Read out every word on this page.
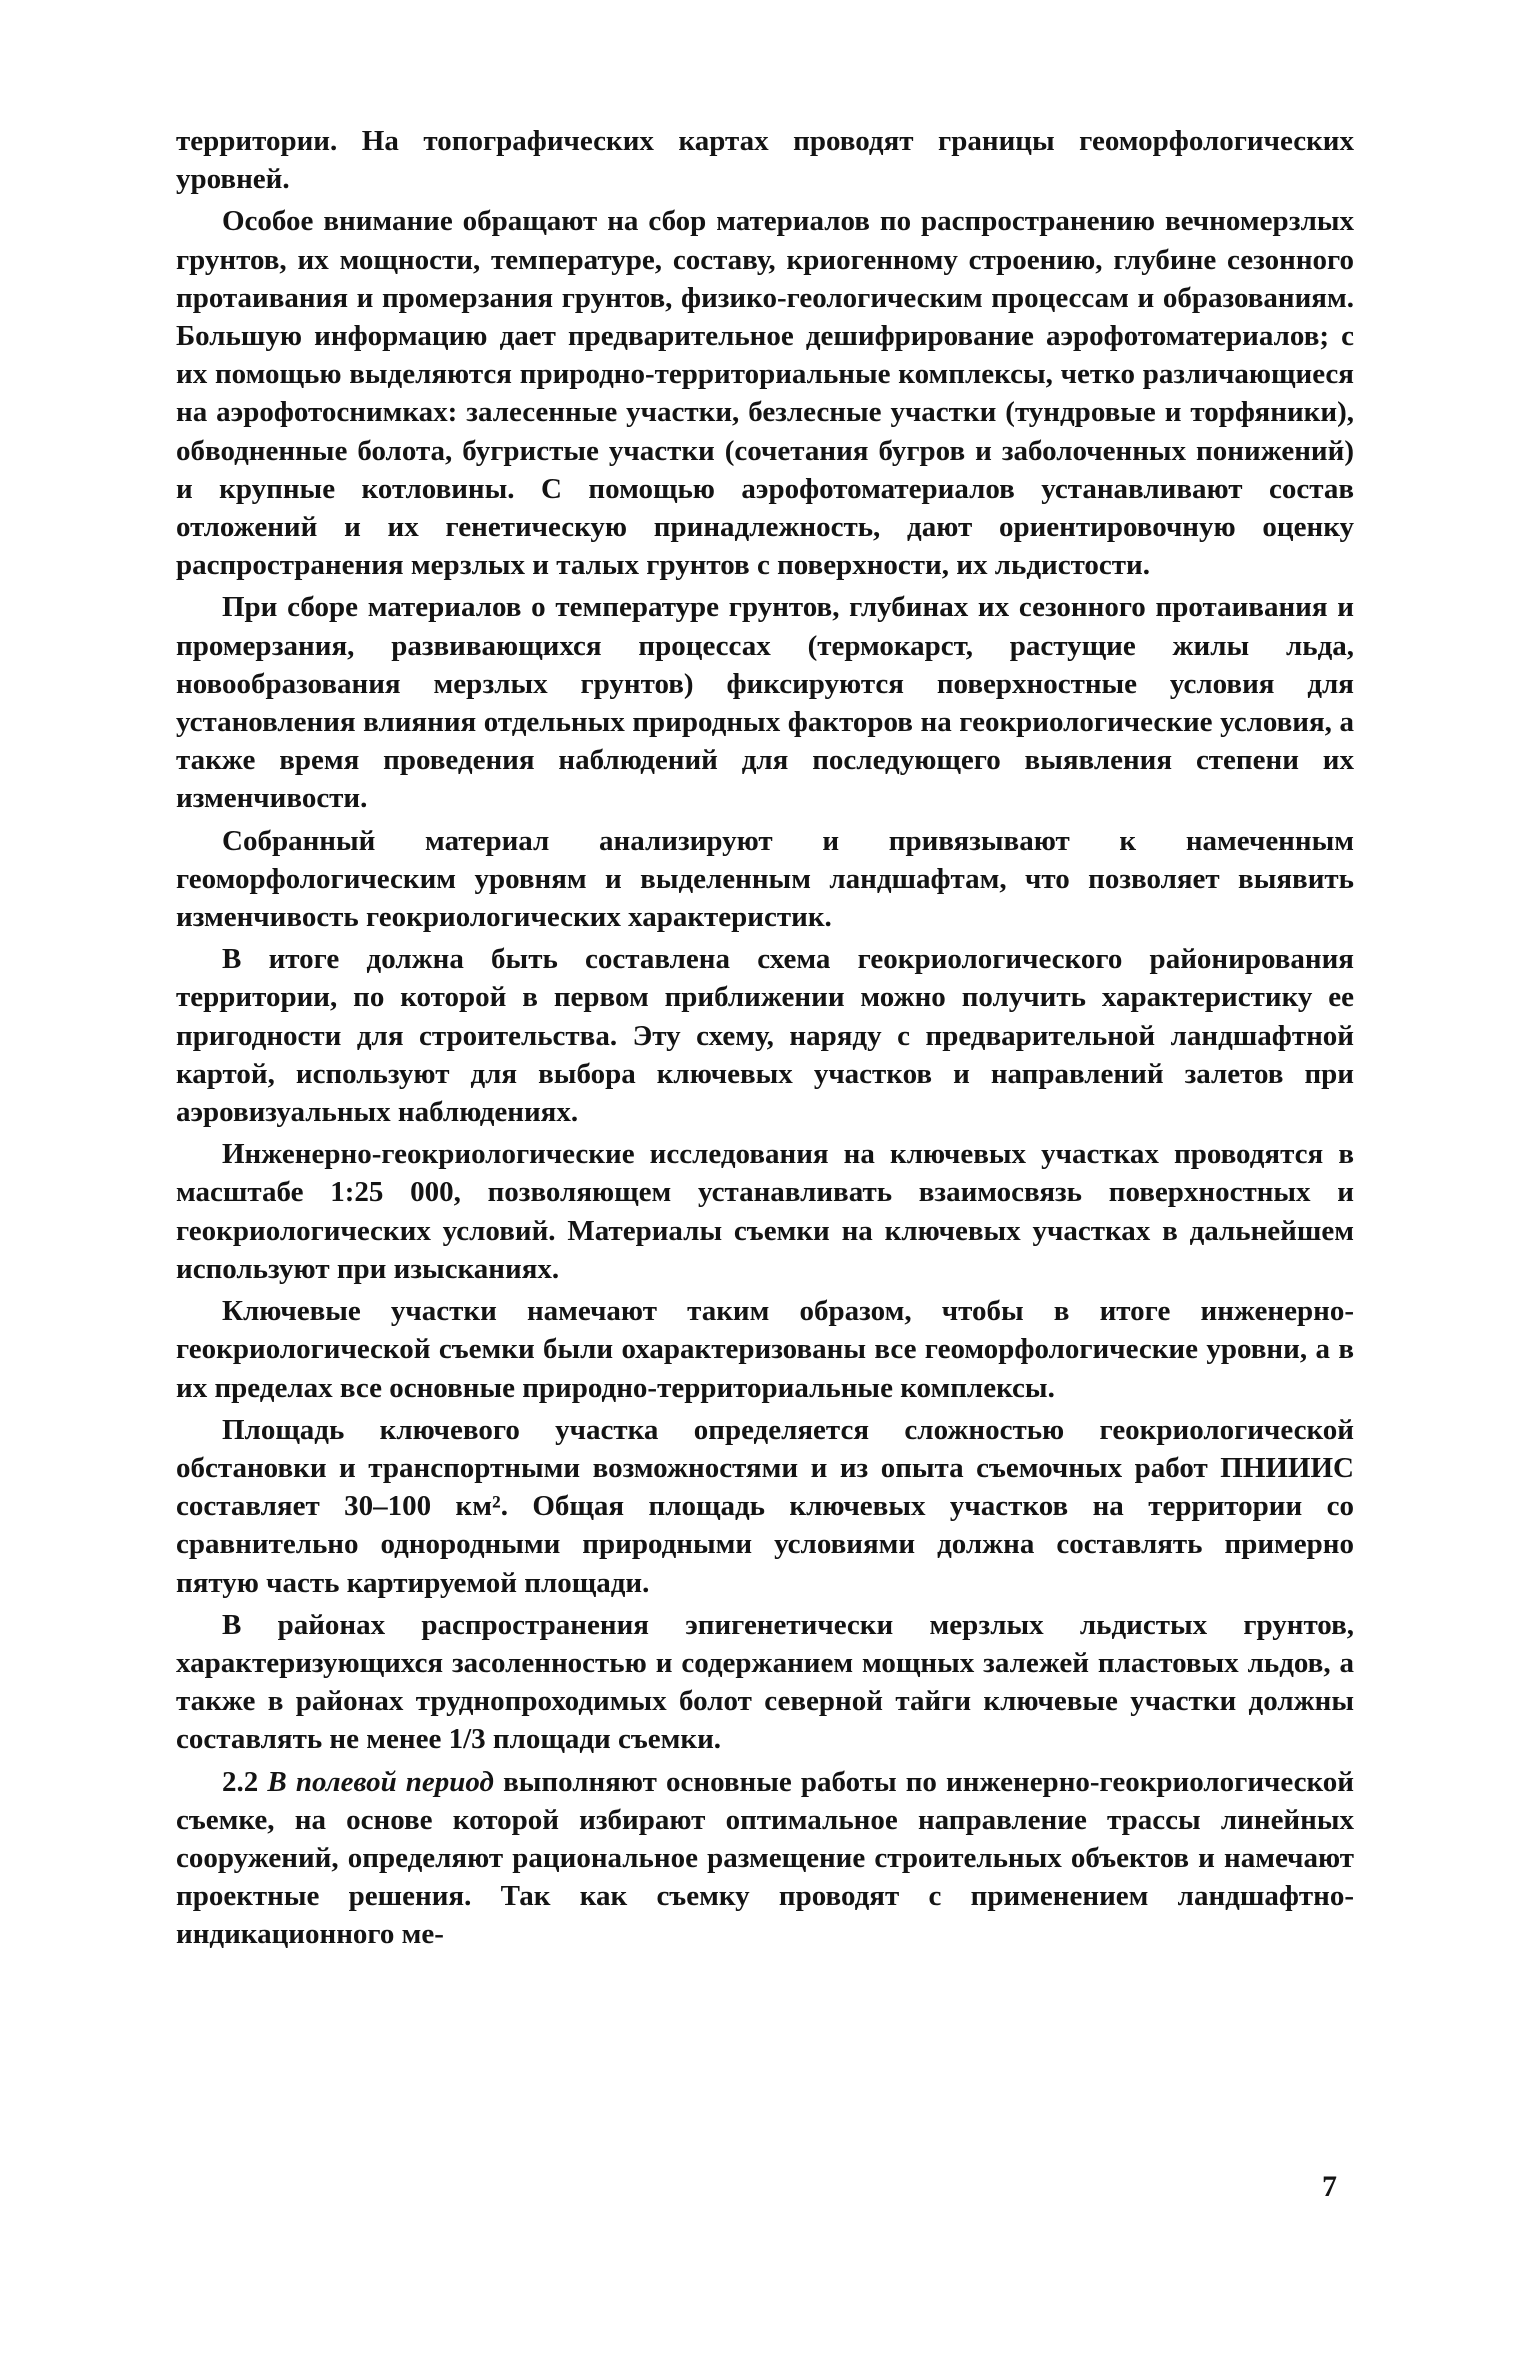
территории. На топографических картах проводят границы геоморфологических уровней.

Особое внимание обращают на сбор материалов по распространению вечномерзлых грунтов, их мощности, температуре, составу, криогенному строению, глубине сезонного протаивания и промерзания грунтов, физико-геологическим процессам и образованиям. Большую информацию дает предварительное дешифрирование аэрофотоматериалов; с их помощью выделяются природно-территориальные комплексы, четко различающиеся на аэрофотоснимках: залесенные участки, безлесные участки (тундровые и торфяники), обводненные болота, бугристые участки (сочетания бугров и заболоченных понижений) и крупные котловины. С помощью аэрофотоматериалов устанавливают состав отложений и их генетическую принадлежность, дают ориентировочную оценку распространения мерзлых и талых грунтов с поверхности, их льдистости.

При сборе материалов о температуре грунтов, глубинах их сезонного протаивания и промерзания, развивающихся процессах (термокарст, растущие жилы льда, новообразования мерзлых грунтов) фиксируются поверхностные условия для установления влияния отдельных природных факторов на геокриологические условия, а также время проведения наблюдений для последующего выявления степени их изменчивости.

Собранный материал анализируют и привязывают к намеченным геоморфологическим уровням и выделенным ландшафтам, что позволяет выявить изменчивость геокриологических характеристик.

В итоге должна быть составлена схема геокриологического районирования территории, по которой в первом приближении можно получить характеристику ее пригодности для строительства. Эту схему, наряду с предварительной ландшафтной картой, используют для выбора ключевых участков и направлений залетов при аэровизуальных наблюдениях.

Инженерно-геокриологические исследования на ключевых участках проводятся в масштабе 1:25 000, позволяющем устанавливать взаимосвязь поверхностных и геокриологических условий. Материалы съемки на ключевых участках в дальнейшем используют при изысканиях.

Ключевые участки намечают таким образом, чтобы в итоге инженерно-геокриологической съемки были охарактеризованы все геоморфологические уровни, а в их пределах все основные природно-территориальные комплексы.

Площадь ключевого участка определяется сложностью геокриологической обстановки и транспортными возможностями и из опыта съемочных работ ПНИИИС составляет 30–100 км². Общая площадь ключевых участков на территории со сравнительно однородными природными условиями должна составлять примерно пятую часть картируемой площади.

В районах распространения эпигенетически мерзлых льдистых грунтов, характеризующихся засоленностью и содержанием мощных залежей пластовых льдов, а также в районах труднопроходимых болот северной тайги ключевые участки должны составлять не менее 1/3 площади съемки.

2.2 В полевой период выполняют основные работы по инженерно-геокриологической съемке, на основе которой избирают оптимальное направление трассы линейных сооружений, определяют рациональное размещение строительных объектов и намечают проектные решения. Так как съемку проводят с применением ландшафтно-индикационного ме-

7
